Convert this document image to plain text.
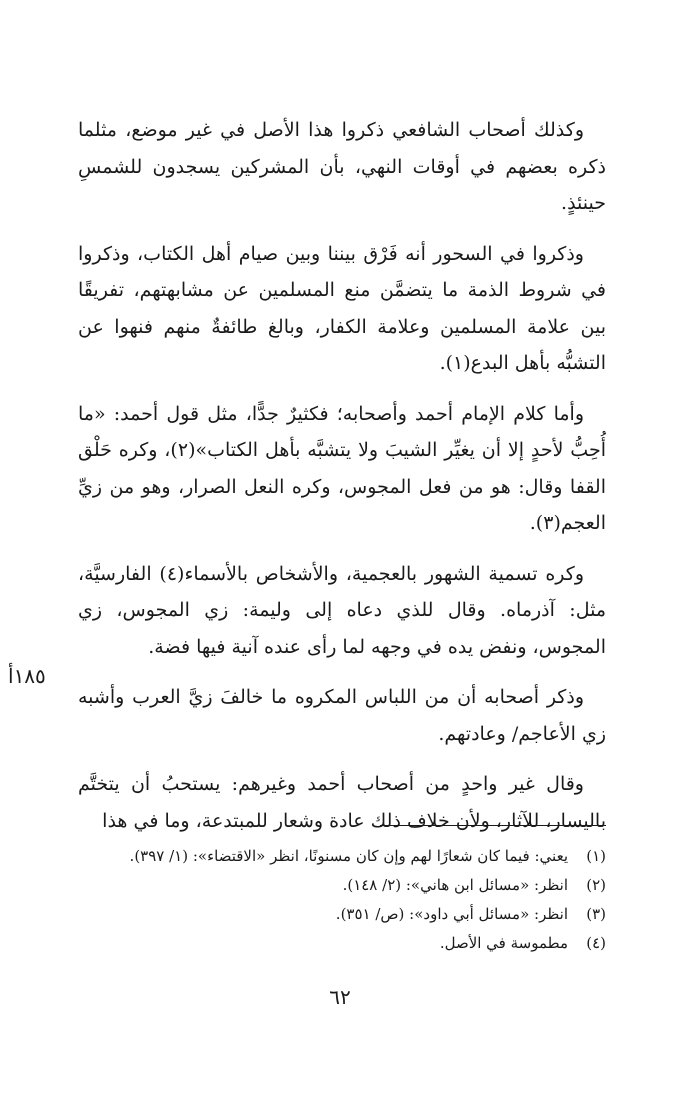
١٨٥أ

وكذلك أصحاب الشافعي ذكروا هذا الأصل في غير موضع، مثلما ذكره بعضهم في أوقات النهي، بأن المشركين يسجدون للشمسِ حينئذٍ.

وذكروا في السحور أنه فَرْق بيننا وبين صيام أهل الكتاب، وذكروا في شروط الذمة ما يتضمَّن منع المسلمين عن مشابهتهم، تفريقًا بين علامة المسلمين وعلامة الكفار، وبالغ طائفةٌ منهم فنهوا عن التشبُّه بأهل البدع(١).

وأما كلام الإمام أحمد وأصحابه؛ فكثيرٌ جدًّا، مثل قول أحمد: «ما أُحِبُّ لأحدٍ إلا أن يغيِّر الشيبَ ولا يتشبَّه بأهل الكتاب»(٢)، وكره حَلْق القفا وقال: هو من فعل المجوس، وكره النعل الصرار، وهو من زيِّ العجم(٣).

وكره تسمية الشهور بالعجمية، والأشخاص بالأسماء(٤) الفارسيَّة، مثل: آذرماه. وقال للذي دعاه إلى وليمة: زي المجوس، زي المجوس، ونفض يده في وجهه لما رأى عنده آنية فيها فضة.

وذكر أصحابه أن من اللباس المكروه ما خالفَ زيَّ العرب وأشبه زي الأعاجم/ وعادتهم.

وقال غير واحدٍ من أصحاب أحمد وغيرهم: يستحبُ أن يتختَّم باليسار، للآثار، ولأن خلاف ذلك عادة وشعار للمبتدعة، وما في هذا

(١)
يعني: فيما كان شعارًا لهم وإن كان مسنونًا، انظر «الاقتضاء»: (١/ ٣٩٧).
(٢)
انظر: «مسائل ابن هاني»: (٢/ ١٤٨).
(٣)
انظر: «مسائل أبي داود»: (ص/ ٣٥١).
(٤)
مطموسة في الأصل.
٦٢
